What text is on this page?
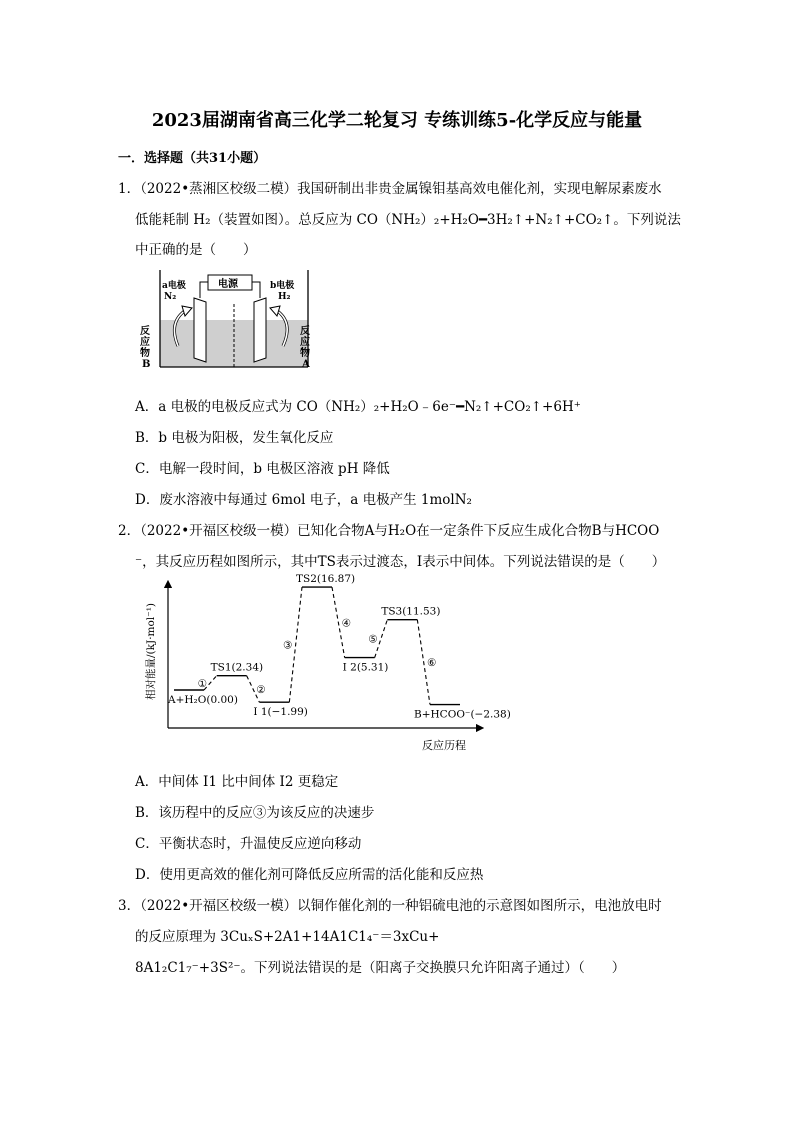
2023届湖南省高三化学二轮复习 专练训练5-化学反应与能量
一．选择题（共31小题）
1．（2022•蒸湘区校级二模）我国研制出非贵金属镍钼基高效电催化剂，实现电解尿素废水
低能耗制 H₂（装置如图）。总反应为 CO（NH₂）₂+H₂O━3H₂↑+N₂↑+CO₂↑。下列说法
中正确的是（　　）
电源
a电极
N₂
b电极
H₂
反
应
物
B
反
应
物
A
A．a 电极的电极反应式为 CO（NH₂）₂+H₂O﹣6e⁻━N₂↑+CO₂↑+6H⁺
B．b 电极为阳极，发生氧化反应
C．电解一段时间，b 电极区溶液 pH 降低
D．废水溶液中每通过 6mol 电子，a 电极产生 1molN₂
2．（2022•开福区校级一模）已知化合物A与H₂O在一定条件下反应生成化合物B与HCOO
⁻，其反应历程如图所示，其中TS表示过渡态，I表示中间体。下列说法错误的是（　　）
相对能量/(kJ·mol⁻¹)
反应历程
A+H₂O(0.00)
TS1(2.34)
I 1(−1.99)
TS2(16.87)
I 2(5.31)
TS3(11.53)
B+HCOO⁻(−2.38)
①
②
③
④
⑤
⑥
A．中间体 I1 比中间体 I2 更稳定
B．该历程中的反应③为该反应的决速步
C．平衡状态时，升温使反应逆向移动
D．使用更高效的催化剂可降低反应所需的活化能和反应热
3．（2022•开福区校级一模）以铜作催化剂的一种铝硫电池的示意图如图所示，电池放电时
的反应原理为 3CuₓS+2A1+14A1C1₄⁻＝3xCu+
8A1₂C1₇⁻+3S²⁻。下列说法错误的是（阳离子交换膜只允许阳离子通过）（　　）
